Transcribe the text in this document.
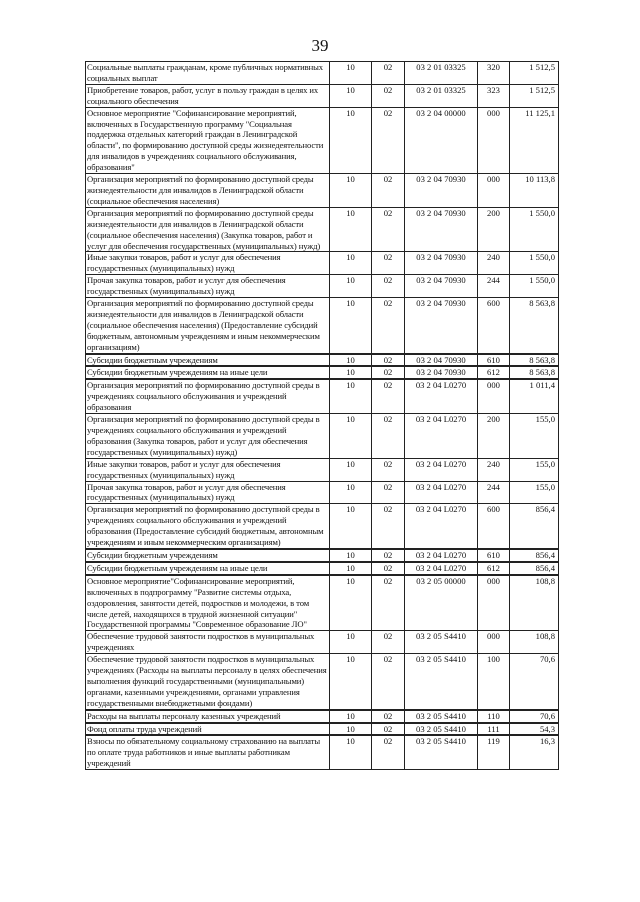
39
Социальные выплаты гражданам, кроме публичных нормативных социальных выплат	10	02	03 2 01 03325	320	1 512,5
Приобретение товаров, работ, услуг в пользу граждан в целях их социального обеспечения	10	02	03 2 01 03325	323	1 512,5
Основное мероприятие "Софинансирование мероприятий, включенных в Государственную программу "Социальная поддержка отдельных категорий граждан в Ленинградской области", по формированию доступной среды жизнедеятельности для инвалидов в учреждениях социального обслуживания, образования"	10	02	03 2 04 00000	000	11 125,1
Организация мероприятий по формированию доступной среды жизнедеятельности для инвалидов в Ленинградской области (социальное обеспечения населения)	10	02	03 2 04 70930	000	10 113,8
Организация мероприятий по формированию доступной среды жизнедеятельности для инвалидов в Ленинградской области (социальное обеспечения населения) (Закупка товаров, работ и услуг для обеспечения государственных (муниципальных) нужд)	10	02	03 2 04 70930	200	1 550,0
Иные закупки товаров, работ и услуг для обеспечения государственных (муниципальных) нужд	10	02	03 2 04 70930	240	1 550,0
Прочая закупка товаров, работ и услуг для обеспечения государственных (муниципальных) нужд	10	02	03 2 04 70930	244	1 550,0
Организация мероприятий по формированию доступной среды жизнедеятельности для инвалидов в Ленинградской области (социальное обеспечения населения) (Предоставление субсидий бюджетным, автономным учреждениям и иным некоммерческим организациям)	10	02	03 2 04 70930	600	8 563,8
Субсидии бюджетным учреждениям	10	02	03 2 04 70930	610	8 563,8
Субсидии бюджетным учреждениям на иные цели	10	02	03 2 04 70930	612	8 563,8
Организация мероприятий по формированию доступной среды в учреждениях социального обслуживания и учреждений образования	10	02	03 2 04 L0270	000	1 011,4
Организация мероприятий по формированию доступной среды в учреждениях социального обслуживания и учреждений образования (Закупка товаров, работ и услуг для обеспечения государственных (муниципальных) нужд)	10	02	03 2 04 L0270	200	155,0
Иные закупки товаров, работ и услуг для обеспечения государственных (муниципальных) нужд	10	02	03 2 04 L0270	240	155,0
Прочая закупка товаров, работ и услуг для обеспечения государственных (муниципальных) нужд	10	02	03 2 04 L0270	244	155,0
Организация мероприятий по формированию доступной среды в учреждениях социального обслуживания и учреждений образования (Предоставление субсидий бюджетным, автономным учреждениям и иным некоммерческим организациям)	10	02	03 2 04 L0270	600	856,4
Субсидии бюджетным учреждениям	10	02	03 2 04 L0270	610	856,4
Субсидии бюджетным учреждениям на иные цели	10	02	03 2 04 L0270	612	856,4
Основное мероприятие"Софинансирование мероприятий, включенных в подпрограмму "Развитие системы отдыха, оздоровления, занятости детей, подростков и молодежи, в том числе детей, находящихся в трудной жизненной ситуации" Государственной программы "Современное образование ЛО"	10	02	03 2 05 00000	000	108,8
Обеспечение трудовой занятости подростков в муниципальных учреждениях	10	02	03 2 05 S4410	000	108,8
Обеспечение трудовой занятости подростков в муниципальных учреждениях (Расходы на выплаты персоналу в целях обеспечения выполнения функций государственными (муниципальными) органами, казенными учреждениями, органами управления государственными внебюджетными фондами)	10	02	03 2 05 S4410	100	70,6
Расходы на выплаты персоналу казенных учреждений	10	02	03 2 05 S4410	110	70,6
Фонд оплаты труда учреждений	10	02	03 2 05 S4410	111	54,3
Взносы по обязательному социальному страхованию на выплаты по оплате труда работников и иные выплаты работникам учреждений	10	02	03 2 05 S4410	119	16,3
